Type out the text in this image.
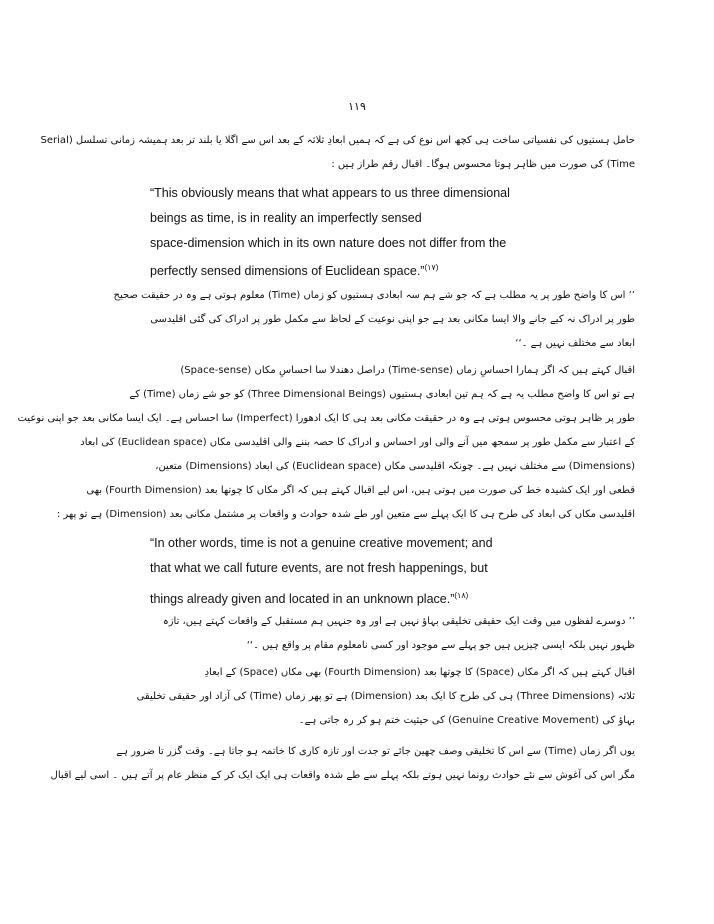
۱۱۹
حامل ہستیوں کی نفسیاتی ساخت ہی کچھ اس نوع کی ہے کہ ہمیں ابعادِ ثلاثہ کے بعد اس سے اگلا یا بلند تر بعد ہمیشہ زمانی تسلسل (Serial
Time) کی صورت میں ظاہر ہوتا محسوس ہوگا۔ اقبال رقم طراز ہیں :
“This obviously means that what appears to us three dimensional
beings as time, is in reality an imperfectly sensed
space-dimension which in its own nature does not differ from the
perfectly sensed dimensions of Euclidean space.”$^{(۱۷)}$
’’ اس کا واضح طور پر یہ مطلب ہے کہ جو شے ہم سہ ابعادی ہستیوں کو زماں (Time) معلوم ہوتی ہے وہ در حقیقت صحیح
طور پر ادراک نہ کیے جانے والا ایسا مکانی بعد ہے جو اپنی نوعیت کے لحاظ سے مکمل طور پر ادراک کی گئی اقلیدسی
ابعاد سے مختلف نہیں ہے ۔‘‘
اقبال کہتے ہیں کہ اگر ہمارا احساسِ زماں (Time-sense) دراصل دھندلا سا احساسِ مکاں (Space-sense)
ہے تو اس کا واضح مطلب یہ ہے کہ ہم تین ابعادی ہستیوں (Three Dimensional Beings) کو جو شے زماں (Time) کے
طور پر ظاہر ہوتی محسوس ہوتی ہے وہ در حقیقت مکانی بعد ہی کا ایک ادھورا (Imperfect) سا احساس ہے۔ ایک ایسا مکانی بعد جو اپنی نوعیت
کے اعتبار سے مکمل طور پر سمجھ میں آنے والی اور احساس و ادراک کا حصہ بننے والی اقلیدسی مکاں (Euclidean space) کی ابعاد
(Dimensions) سے مختلف نہیں ہے۔ چونکہ اقلیدسی مکاں (Euclidean space) کی ابعاد (Dimensions) متعین،
قطعی اور ایک کشیدہ خط کی صورت میں ہوتی ہیں، اس لیے اقبال کہتے ہیں کہ اگر مکاں کا چوتھا بعد (Fourth Dimension) بھی
اقلیدسی مکاں کی ابعاد کی طرح ہی کا ایک پہلے سے متعین اور طے شدہ حوادث و واقعات پر مشتمل مکانی بعد (Dimension) ہے تو پھر :
“In other words, time is not a genuine creative movement; and
that what we call future events, are not fresh happenings, but
things already given and located in an unknown place.”$^{(۱۸)}$
’’ دوسرے لفظوں میں وقت ایک حقیقی تخلیقی بہاؤ نہیں ہے اور وہ جنہیں ہم مستقبل کے واقعات کہتے ہیں، تازہ
ظہور نہیں بلکہ ایسی چیزیں ہیں جو پہلے سے موجود اور کسی نامعلوم مقام پر واقع ہیں ۔‘‘
اقبال کہتے ہیں کہ اگر مکاں (Space) کا چوتھا بعد (Fourth Dimension) بھی مکاں (Space) کے ابعادِ
ثلاثہ (Three Dimensions) ہی کی طرح کا ایک بعد (Dimension) ہے تو پھر زماں (Time) کی آزاد اور حقیقی تخلیقی
بہاؤ کی (Genuine Creative Movement) کی حیثیت ختم ہو کر رہ جاتی ہے۔
یوں اگر زماں (Time) سے اس کا تخلیقی وصف چھین جائے تو جدت اور تازہ کاری کا خاتمہ ہو جاتا ہے۔ وقت گزر تا ضرور ہے
مگر اس کی آغوش سے نئے حوادث رونما نہیں ہوتے بلکہ پہلے سے طے شدہ واقعات ہی ایک ایک کر کے منظر عام پر آتے ہیں ۔ اسی لیے اقبال
